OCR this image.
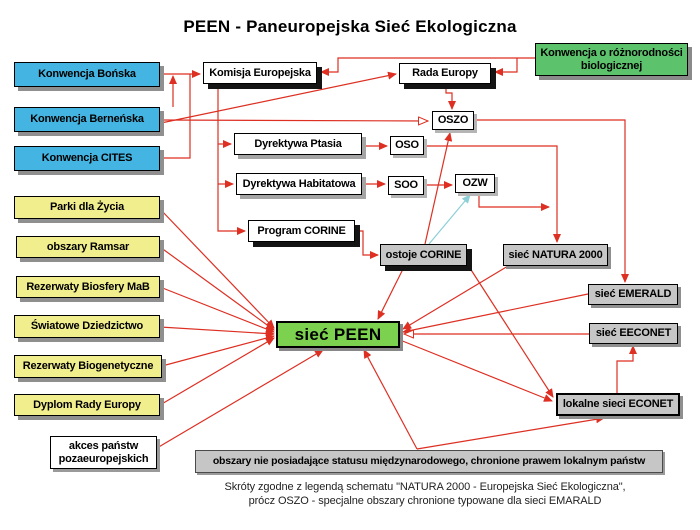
PEEN - Paneuropejska Sieć Ekologiczna
Konwencja o różnorodności biologicznej
Konwencja Bońska
Konwencja Berneńska
Konwencja CITES
Parki dla Życia
obszary Ramsar
Rezerwaty Biosfery MaB
Światowe Dziedzictwo
Rezerwaty Biogenetyczne
Dyplom Rady Europy
akces państw pozaeuropejskich
Komisja Europejska	Rada Europy
OSZO
Dyrektywa Ptasia	OSO
Dyrektywa Habitatowa	SOO	OZW
Program CORINE
ostoje CORINE	sieć NATURA 2000
sieć EMERALD
sieć PEEN	sieć EECONET
lokalne sieci ECONET
obszary nie posiadające statusu międzynarodowego, chronione prawem lokalnym państw
Skróty zgodne z legendą schematu "NATURA 2000 - Europejska Sieć Ekologiczna",
prócz OSZO - specjalne obszary chronione typowane dla sieci EMARALD
